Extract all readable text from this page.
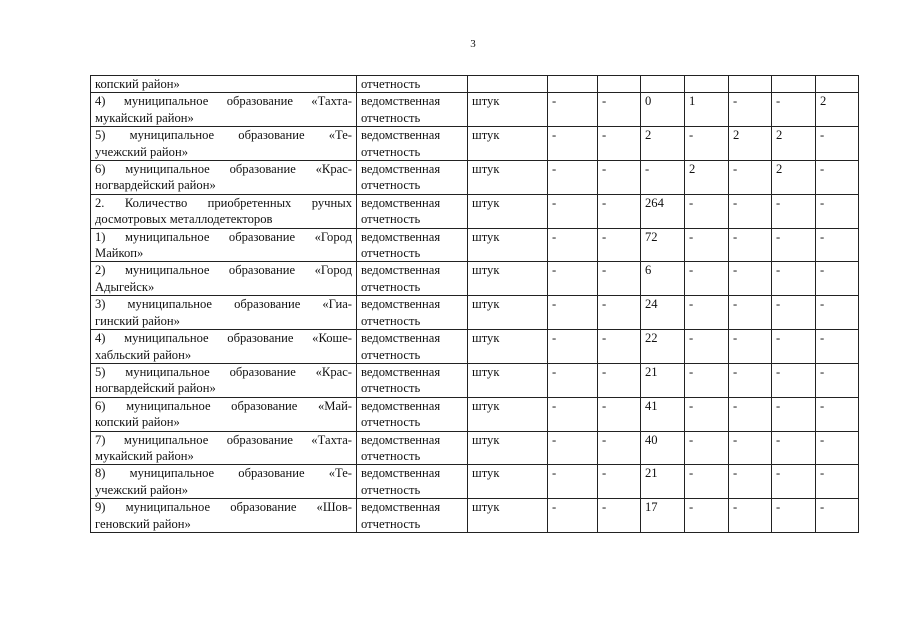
3
копский район»	отчетность								

4) муниципальное образование «Тахта-
мукайский район»	ведомственная
отчетность	штук	-	-	0	1	-	-	2

5) муниципальное образование «Те-
учежский район»	ведомственная
отчетность	штук	-	-	2	-	2	2	-

6) муниципальное образование «Крас-
ногвардейский район»	ведомственная
отчетность	штук	-	-	-	2	-	2	-

2. Количество приобретенных ручных
досмотровых металлодетекторов	ведомственная
отчетность	штук	-	-	264	-	-	-	-

1) муниципальное образование «Город
Майкоп»	ведомственная
отчетность	штук	-	-	72	-	-	-	-

2) муниципальное образование «Город
Адыгейск»	ведомственная
отчетность	штук	-	-	6	-	-	-	-

3) муниципальное образование «Гиа-
гинский район»	ведомственная
отчетность	штук	-	-	24	-	-	-	-

4) муниципальное образование «Коше-
хабльский район»	ведомственная
отчетность	штук	-	-	22	-	-	-	-

5) муниципальное образование «Крас-
ногвардейский район»	ведомственная
отчетность	штук	-	-	21	-	-	-	-

6) муниципальное образование «Май-
копский район»	ведомственная
отчетность	штук	-	-	41	-	-	-	-

7) муниципальное образование «Тахта-
мукайский район»	ведомственная
отчетность	штук	-	-	40	-	-	-	-

8) муниципальное образование «Те-
учежский район»	ведомственная
отчетность	штук	-	-	21	-	-	-	-

9) муниципальное образование «Шов-
геновский район»	ведомственная
отчетность	штук	-	-	17	-	-	-	-
